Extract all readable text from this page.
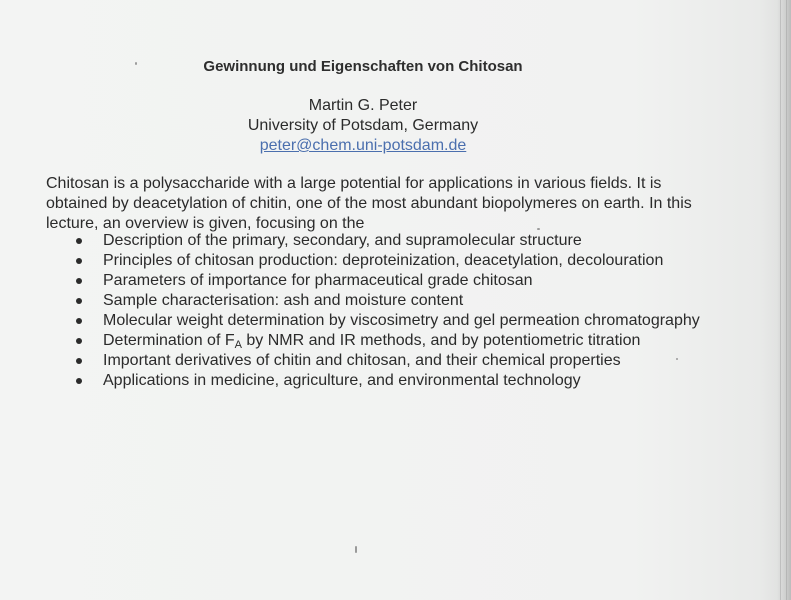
Gewinnung und Eigenschaften von Chitosan
Martin G. Peter
University of Potsdam, Germany
peter@chem.uni-potsdam.de
Chitosan is a polysaccharide with a large potential for applications in various fields. It is obtained by deacetylation of chitin, one of the most abundant biopolymeres on earth. In this lecture, an overview is given, focusing on the
Description of the primary, secondary, and supramolecular structure
Principles of chitosan production: deproteinization, deacetylation, decolouration
Parameters of importance for pharmaceutical grade chitosan
Sample characterisation: ash and moisture content
Molecular weight determination by viscosimetry and gel permeation chromatography
Determination of $F_A$ by NMR and IR methods, and by potentiometric titration
Important derivatives of chitin and chitosan, and their chemical properties
Applications in medicine, agriculture, and environmental technology
